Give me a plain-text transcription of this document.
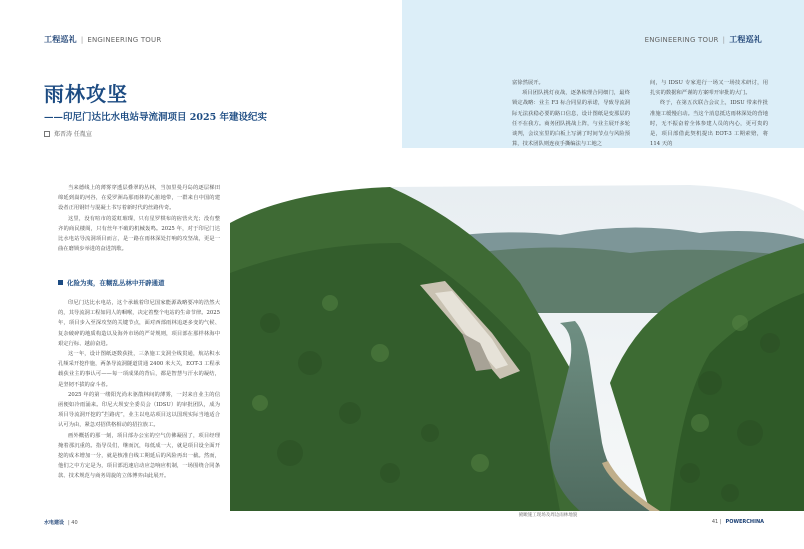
工程巡礼 | ENGINEERING TOUR	ENGINEERING TOUR | 工程巡礼
雨林攻坚
——印尼门达比水电站导流洞项目 2025 年建设纪实
郑晋涛 任胤宣

当来德线上的薄雾穿透层叠翠的丛林，当加里曼丹岛的逐层梯田绵延到嵩的河谷，在爱罗洲岛那雨林的心脏地带，一群来自中国的建设者正用钢钎与混凝土书写着新时代的丝路传奇。

这里，没有喧市的霓虹璀璨，只有星罗棋布的宿营火光；没有整齐的商民楼阁，只有丝年不破的机械轰鸣。2025 年，对于印尼门达比水电站导流洞项目而言，是一路在雨林深处打响的攻坚战，更是一曲在磨锁步举进的奋进凯歌。

化险为夷，在糊乱丛林中开辟通道

印尼门达比水电站，这个承载着印尼国家能源战略要冲的浩然大的，其导流洞工程如同人的咽喉，决定着整个电站的生命节律。2025 年，项目步入至深攻坚的关键节点，面对西部雨林追逐多变的气候、复杂破碎的地质构造以及海外市场的严苛规则，项目部在那样林海中艰定行标、越前奋进。

这一年，设计图纸逐数获批，三条施工支洞全线贯通，航站积水孔频采开挖作施，两条导流洞隧道贯通 2400 米大关，EOT-3 工程承载获业主的事认可——每一项成果的背后，都是智慧与汗水的凝结，是坚韧不拔的奋斗者。

2025 年的第一缕阳光尚未驱散林间的薄雾，一封来自业主的信函便如冷雨涌来。印尼大坝安全委员会（IDSU）的审批团队，成为项目导流洞开挖的“拦路虎”，业主以电站项目这以国现实际当地适合认可为由，紧急对招供格相动的招拉族工。

画外概括的那一刻，项目部办公室的空气仿佛凝固了，项目经理掩着那沉重的。指导员们，继而沉，每低成一大，就是项目设全面开挖的成本增加一分，就是核准自线工期延后的风险再出一截。然而，他们之中方定是为，项目部迅速启动应急响应机制，一场围绕合同条款、技术规范与商务周旋的立体博弈由此展开。

富徐然展开。

项目团队挑灯夜战，逐条梳理合同细门，最终锁定战略：业主 F3 标合同显的承诺，导致导流洞际无法获稳必要的路口信息，设计图纸是变那层的任不在我方。商务团队挑战上阵，与业主展开多轮谈判，会议室里的白板上写满了时间节点与风险预算，技术团队则连夜手撕编法与工地之

间，与 IDSU 专家进行一场又一场技术研讨，用扎实的数据和严谨的方案叩开审批的大门。

终于，在第五次联合会议上，IDSU 带来作批准施工缓慢启动。当这个消息抵达雨林深处的营地时，无不振奋着全体参建人员的内心，更可贵的是，项目部借此契机提出 EOT-3 工期索赔，将 114 天的

俯瞰施工现场及周边雨林地貌
水电建设 | 40	41 | POWERCHINA
